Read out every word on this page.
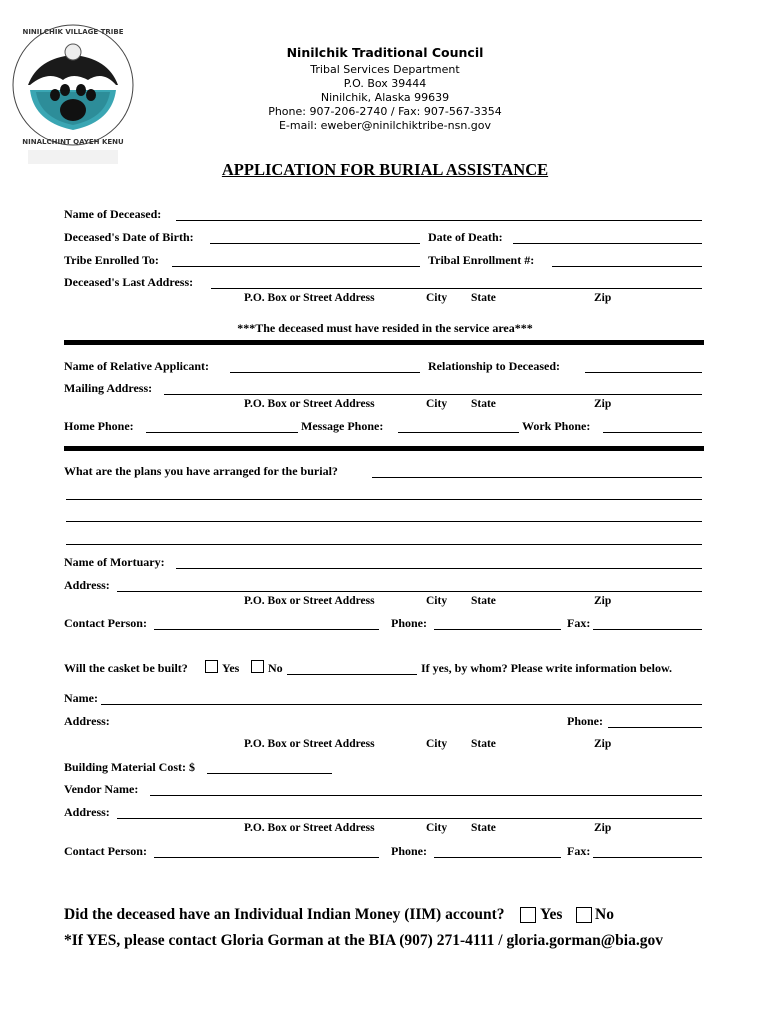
NINILCHIK VILLAGE TRIBE
NINALCHINT QAYEH KENU
Ninilchik Traditional Council
Tribal Services Department
P.O. Box 39444
Ninilchik, Alaska 99639
Phone: 907-206-2740 / Fax: 907-567-3354
E-mail: eweber@ninilchiktribe-nsn.gov
APPLICATION FOR BURIAL ASSISTANCE
Name of Deceased:
Deceased's Date of Birth:	Date of Death:
Tribe Enrolled To:	Tribal Enrollment #:
Deceased's Last Address:
P.O. Box or Street Address	City State	Zip
***The deceased must have resided in the service area***
Name of Relative Applicant:	Relationship to Deceased:
Mailing Address:
P.O. Box or Street Address	City State	Zip
Home Phone:	Message Phone:	Work Phone:
What are the plans you have arranged for the burial?
Name of Mortuary:
Address:
P.O. Box or Street Address	City State	Zip
Contact Person:	Phone:	Fax:
Will the casket be built?	Yes No	If yes, by whom? Please write information below.
Name:
Address:	Phone:
P.O. Box or Street Address	City State	Zip
Building Material Cost: $
Vendor Name:
Address:
P.O. Box or Street Address	City State	Zip
Contact Person:	Phone:	Fax:
Did the deceased have an Individual Indian Money (IIM) account? Yes No
*If YES, please contact Gloria Gorman at the BIA (907) 271-4111 / gloria.gorman@bia.gov
